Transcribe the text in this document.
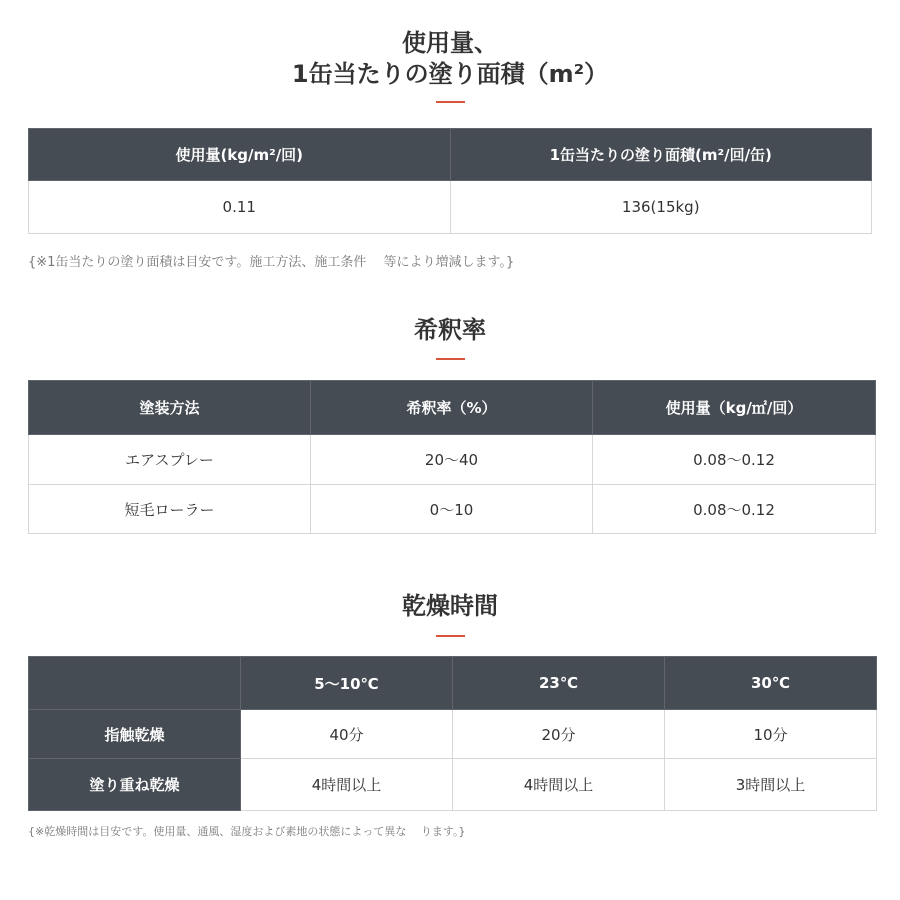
使用量、
1缶当たりの塗り面積（m²）
使用量(kg/m²/回)	1缶当たりの塗り面積(m²/回/缶)
0.11	136(15kg)
{※1缶当たりの塗り面積は目安です。施工方法、施工条件　 等により増減します。}
希釈率
塗装方法	希釈率（%）	使用量（kg/㎡/回）
エアスプレー	20〜40	0.08〜0.12
短毛ローラー	0〜10	0.08〜0.12
乾燥時間
	5〜10℃	23℃	30℃
指触乾燥	40分	20分	10分
塗り重ね乾燥	4時間以上	4時間以上	3時間以上
{※乾燥時間は目安です。使用量、通風、湿度および素地の状態によって異な　 ります。}
